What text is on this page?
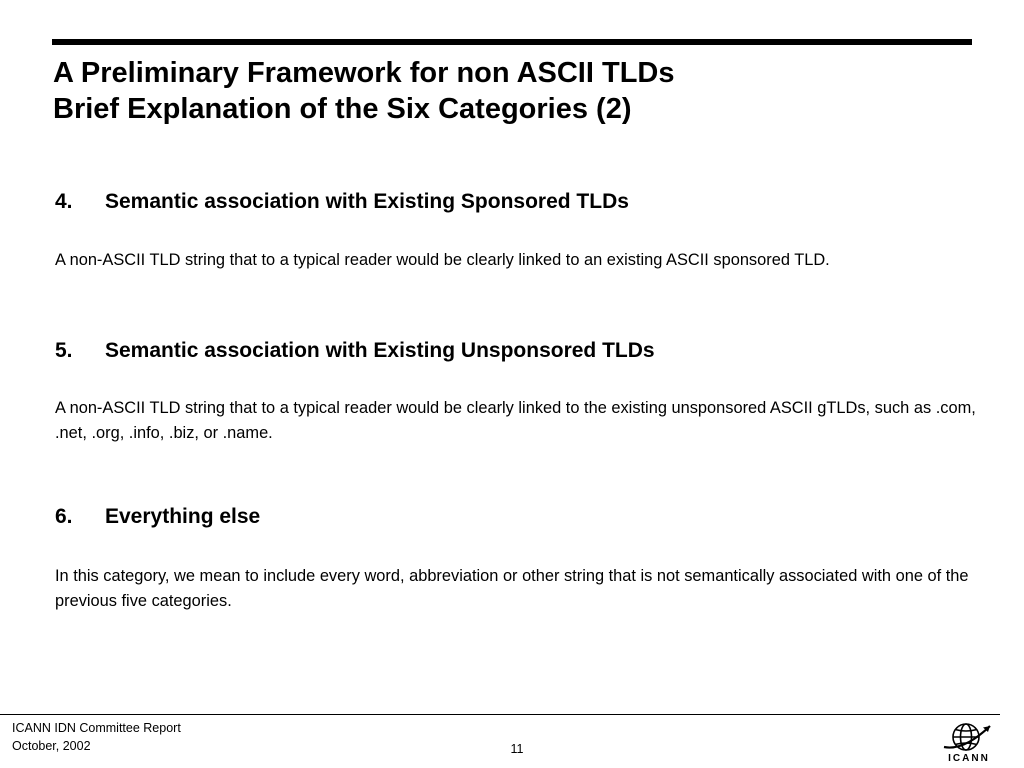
A Preliminary Framework for non ASCII TLDs
Brief Explanation of the Six Categories (2)

4. Semantic association with Existing Sponsored TLDs

A non-ASCII TLD string that to a typical reader would be clearly linked to an existing ASCII sponsored TLD.

5. Semantic association with Existing Unsponsored TLDs

A non-ASCII TLD string that to a typical reader would be clearly linked to the existing unsponsored ASCII gTLDs, such as .com, .net, .org, .info, .biz, or .name.

6. Everything else

In this category, we mean to include every word, abbreviation or other string that is not semantically associated with one of the previous five categories.

ICANN IDN Committee Report
October, 2002	11
ICANN
